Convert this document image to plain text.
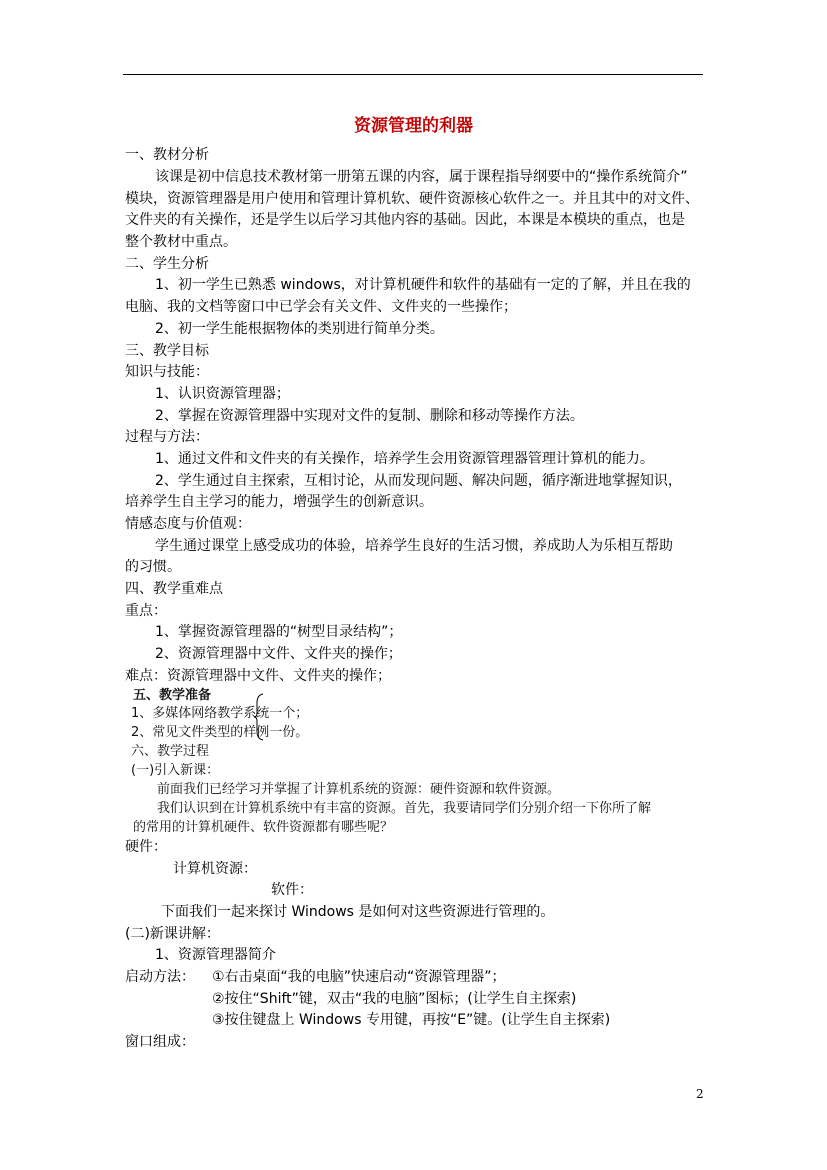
资源管理的利器
一、教材分析
该课是初中信息技术教材第一册第五课的内容，属于课程指导纲要中的“操作系统简介”
模块，资源管理器是用户使用和管理计算机软、硬件资源核心软件之一。并且其中的对文件、
文件夹的有关操作，还是学生以后学习其他内容的基础。因此，本课是本模块的重点，也是
整个教材中重点。
二、学生分析
1、初一学生已熟悉 windows，对计算机硬件和软件的基础有一定的了解，并且在我的
电脑、我的文档等窗口中已学会有关文件、文件夹的一些操作；
2、初一学生能根据物体的类别进行简单分类。
三、教学目标
知识与技能：
1、认识资源管理器；
2、掌握在资源管理器中实现对文件的复制、删除和移动等操作方法。
过程与方法：
1、通过文件和文件夹的有关操作，培养学生会用资源管理器管理计算机的能力。
2、学生通过自主探索，互相讨论，从而发现问题、解决问题，循序渐进地掌握知识，
培养学生自主学习的能力，增强学生的创新意识。
情感态度与价值观：
学生通过课堂上感受成功的体验，培养学生良好的生活习惯，养成助人为乐相互帮助
的习惯。
四、教学重难点
重点：
1、掌握资源管理器的“树型目录结构”；
2、资源管理器中文件、文件夹的操作；
难点：资源管理器中文件、文件夹的操作；
五、教学准备
1、多媒体网络教学系统一个；
2、常见文件类型的样例一份。
六、教学过程
(一)引入新课：
前面我们已经学习并掌握了计算机系统的资源：硬件资源和软件资源。
我们认识到在计算机系统中有丰富的资源。首先，我要请同学们分别介绍一下你所了解
的常用的计算机硬件、软件资源都有哪些呢？
硬件：
计算机资源：
软件：
下面我们一起来探讨 Windows 是如何对这些资源进行管理的。
(二)新课讲解：
1、资源管理器简介
启动方法： ①右击桌面“我的电脑”快速启动“资源管理器”；
②按住“Shift”键，双击“我的电脑”图标；(让学生自主探索)
③按住键盘上 Windows 专用键，再按“E”键。(让学生自主探索)
窗口组成：
2
